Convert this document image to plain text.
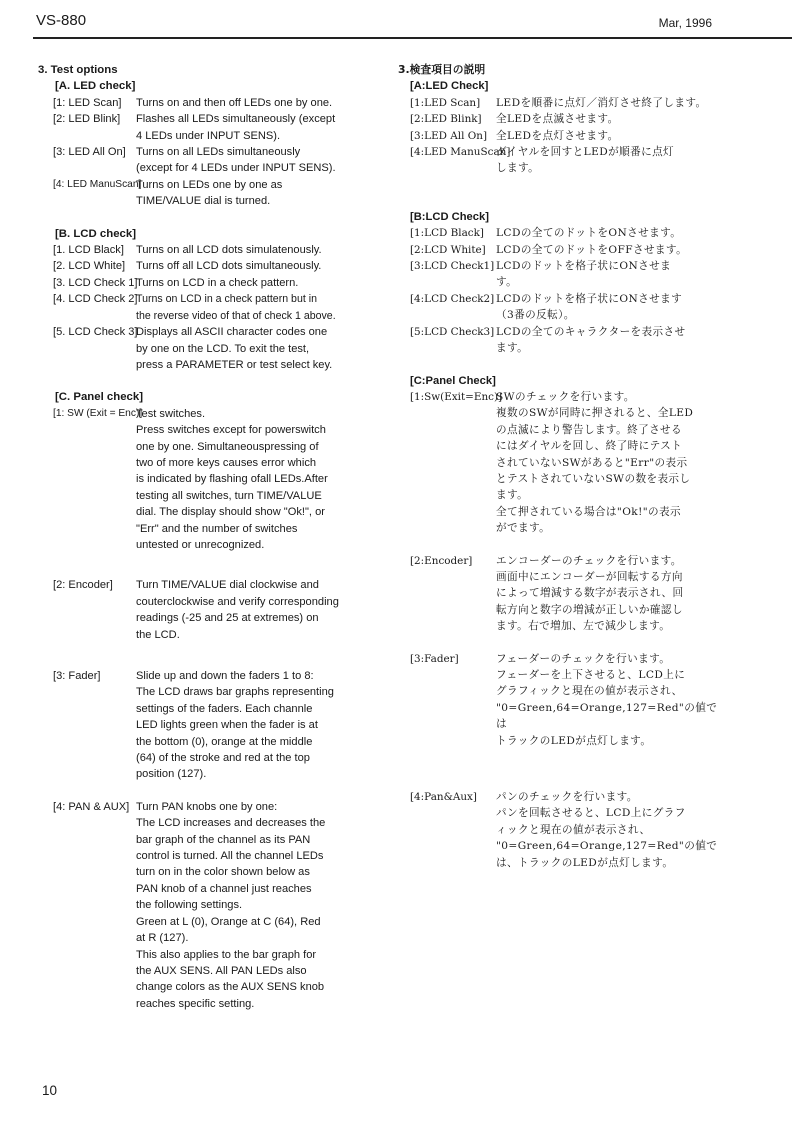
VS-880	Mar, 1996
3. Test options
[A. LED check]
[1: LED Scan]	Turns on and then off LEDs one by one.
[2: LED Blink]	Flashes all LEDs simultaneously (except
4 LEDs under INPUT SENS).
[3: LED All On] Turns on all LEDs simultaneously
(except for 4 LEDs under INPUT SENS).
[4: LED ManuScan]
Turns on LEDs one by one as
TIME/VALUE dial is turned.
[B. LCD check]
[1. LCD Black]	Turns on all LCD dots simulatenously.
[2. LCD White] Turns off all LCD dots simultaneously.
[3. LCD Check 1]
Turns on LCD in a check pattern.
[4. LCD Check 2]
Turns on LCD in a check pattern but in
the reverse video of that of check 1 above.
[5. LCD Check 3]
Displays all ASCII character codes one
by one on the LCD. To exit the test,
press a PARAMETER or test select key.
[C. Panel check]
[1: SW (Exit = Enc)]
Test switches.
Press switches except for powerswitch
one by one. Simultaneouspressing of
two of more keys causes error which
is indicated by flashing ofall LEDs.After
testing all switches, turn TIME/VALUE
dial. The display should show "Ok!", or
"Err" and the number of switches
untested or unrecognized.
[2: Encoder]	Turn TIME/VALUE dial clockwise and
couterclockwise and verify corresponding
readings (-25 and 25 at extremes) on
the LCD.
[3: Fader]	Slide up and down the faders 1 to 8:
The LCD draws bar graphs representing
settings of the faders. Each channle
LED lights green when the fader is at
the bottom (0), orange at the middle
(64) of the stroke and red at the top
position (127).
[4: PAN & AUX] Turn PAN knobs one by one:
The LCD increases and decreases the
bar graph of the channel as its PAN
control is turned. All the channel LEDs
turn on in the color shown below as
PAN knob of a channel just reaches
the following settings.
Green at L (0), Orange at C (64), Red
at R (127).
This also applies to the bar graph for
the AUX SENS. All PAN LEDs also
change colors as the AUX SENS knob
reaches specific setting.
3.検査項目の説明
[A:LED Check]
[1:LED Scan]	LEDを順番に点灯／消灯させ終了します。
[2:LED Blink]	全LEDを点滅させます。
[3:LED All On] 全LEDを点灯させます。
[4:LED ManuScan]
ダイヤルを回すとLEDが順番に点灯
します。
[B:LCD Check]
[1:LCD Black]	LCDの全てのドットをONさせます。
[2:LCD White] LCDの全てのドットをOFFさせます。
[3:LCD Check1] LCDのドットを格子状にONさせま
す。
[4:LCD Check2] LCDのドットを格子状にONさせます
（3番の反転）。
[5:LCD Check3] LCDの全てのキャラクターを表示させ
ます。
[C:Panel Check]
[1:Sw(Exit=Enc)]
SWのチェックを行います。
複数のSWが同時に押されると、全LED
の点滅により警告します。終了させる
にはダイヤルを回し、終了時にテスト
されていないSWがあると"Err"の表示
とテストされていないSWの数を表示し
ます。
全て押されている場合は"Ok!"の表示
がでます。
[2:Encoder]	エンコーダーのチェックを行います。
画面中にエンコーダーが回転する方向
によって増減する数字が表示され、回
転方向と数字の増減が正しいか確認し
ます。右で増加、左で減少します。
[3:Fader]	フェーダーのチェックを行います。
フェーダーを上下させると、LCD上に
グラフィックと現在の値が表示され、
"0=Green,64=Orange,127=Red"の値では
トラックのLEDが点灯します。
[4:Pan&Aux]	パンのチェックを行います。
パンを回転させると、LCD上にグラフ
ィックと現在の値が表示され、
"0=Green,64=Orange,127=Red"の値で
は、トラックのLEDが点灯します。
10
